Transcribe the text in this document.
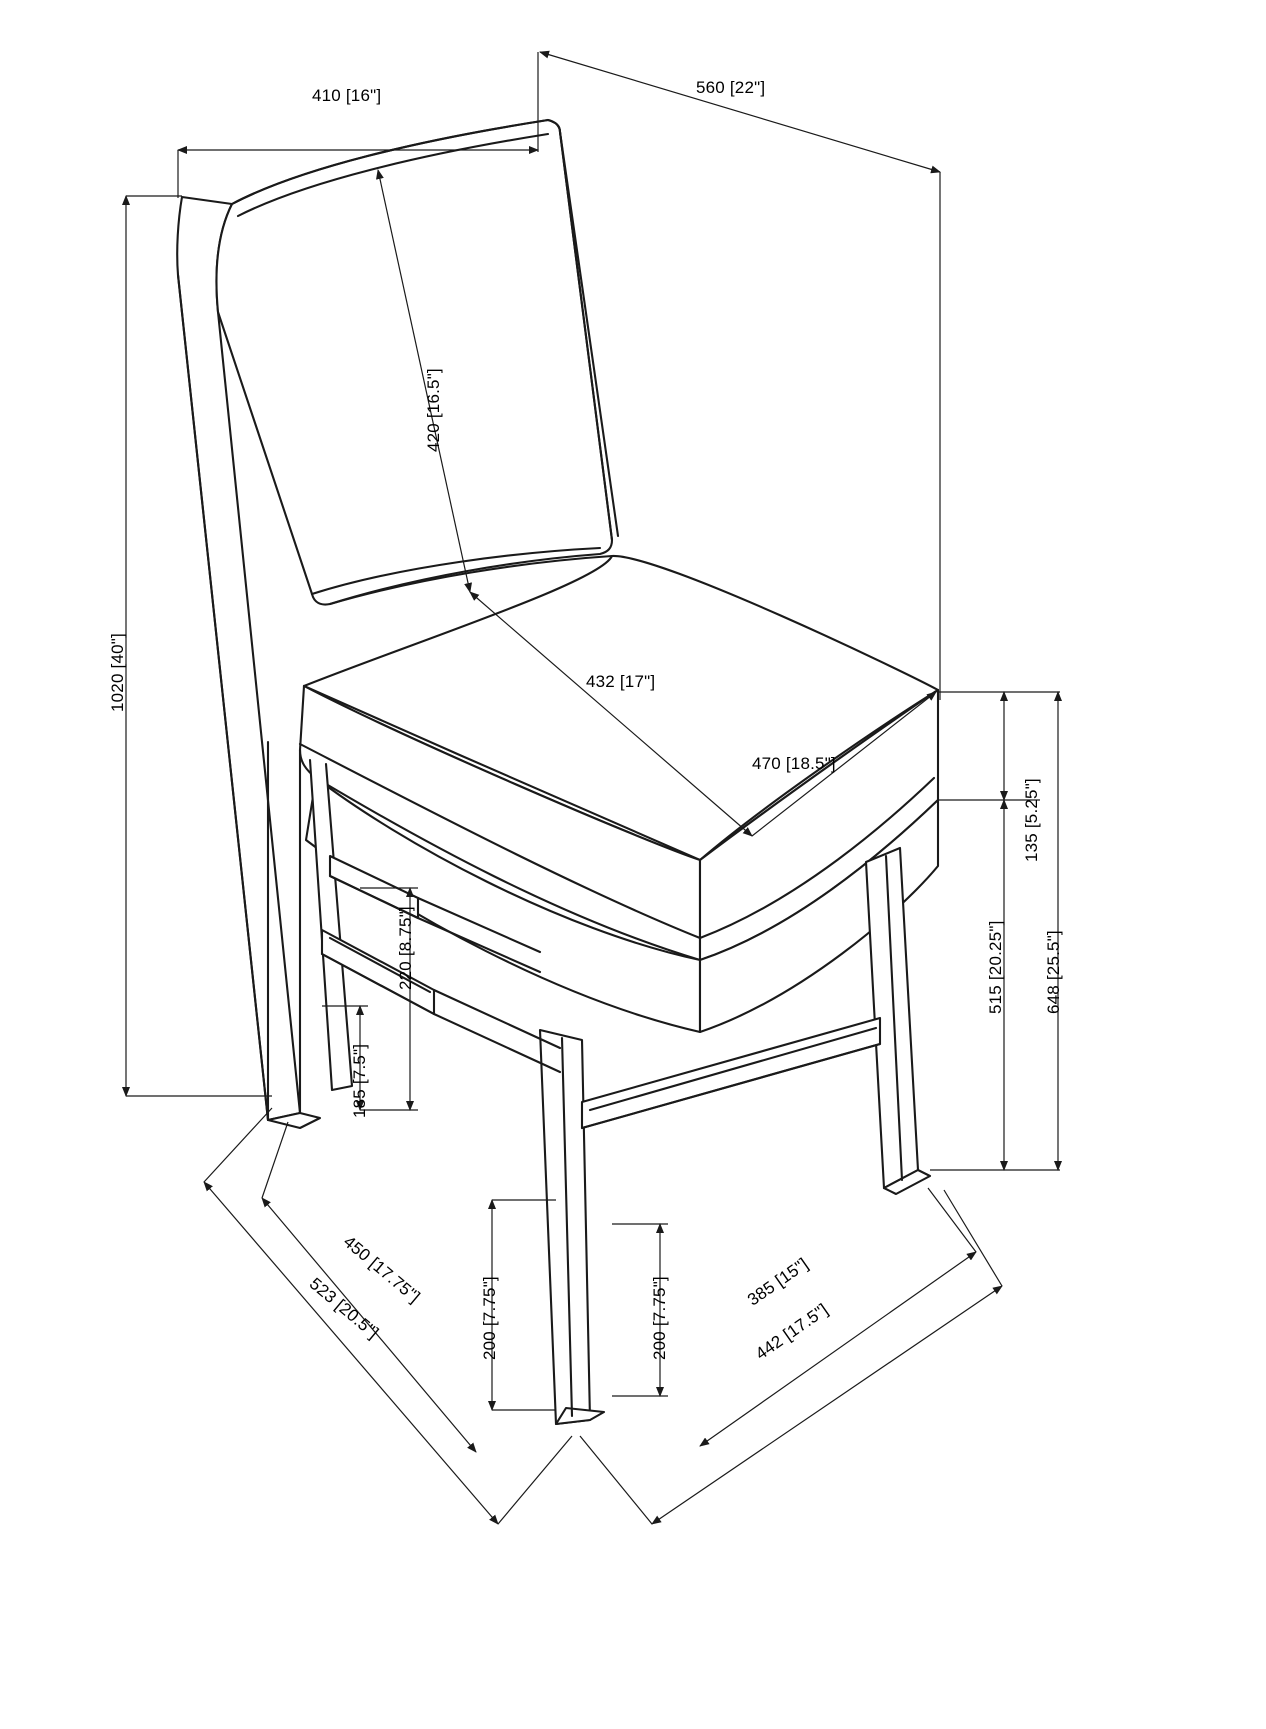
410 [16"]	560 [22"]
420 [16.5"]
1020 [40"]	432 [17"]
470 [18.5"]
135 [5.25"]
515 [20.25"] 648 [25.5"]
220 [8.75"]
185 [7.5"]
450 [17.75"]
523 [20.5"]	200 [7.75"]	200 [7.75"]	385 [15"]
442 [17.5"]
